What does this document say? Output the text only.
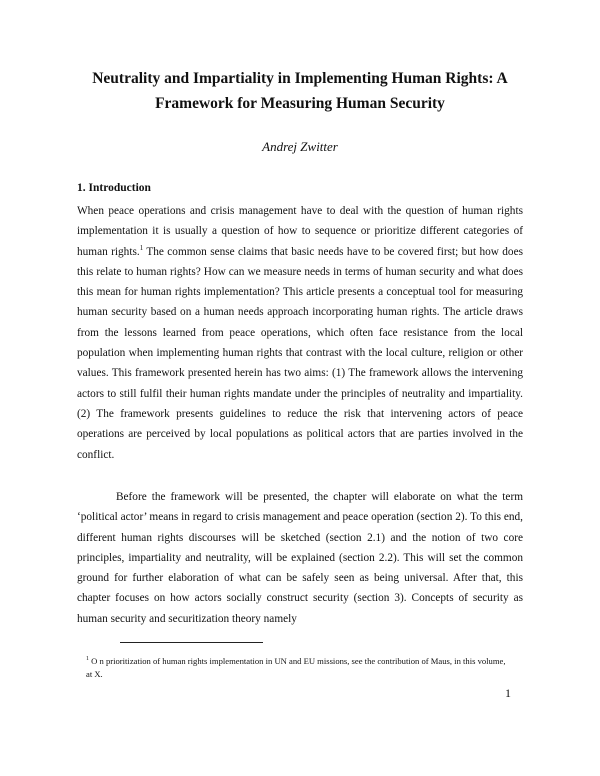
Neutrality and Impartiality in Implementing Human Rights: A
Framework for Measuring Human Security
Andrej Zwitter
1. Introduction

When peace operations and crisis management have to deal with the question of human rights implementation it is usually a question of how to sequence or prioritize different categories of human rights.$^1$ The common sense claims that basic needs have to be covered first; but how does this relate to human rights? How can we measure needs in terms of human security and what does this mean for human rights implementation? This article presents a conceptual tool for measuring human security based on a human needs approach incorporating human rights. The article draws from the lessons learned from peace operations, which often face resistance from the local population when implementing human rights that contrast with the local culture, religion or other values. This framework presented herein has two aims: (1) The framework allows the intervening actors to still fulfil their human rights mandate under the principles of neutrality and impartiality. (2) The framework presents guidelines to reduce the risk that intervening actors of peace operations are perceived by local populations as political actors that are parties involved in the conflict.

Before the framework will be presented, the chapter will elaborate on what the term ‘political actor’ means in regard to crisis management and peace operation (section 2). To this end, different human rights discourses will be sketched (section 2.1) and the notion of two core principles, impartiality and neutrality, will be explained (section 2.2). This will set the common ground for further elaboration of what can be safely seen as being universal. After that, this chapter focuses on how actors socially construct security (section 3). Concepts of security as human security and securitization theory namely

$^1$ O n prioritization of human rights implementation in UN and EU missions, see the contribution of Maus, in this volume, at X.
1
